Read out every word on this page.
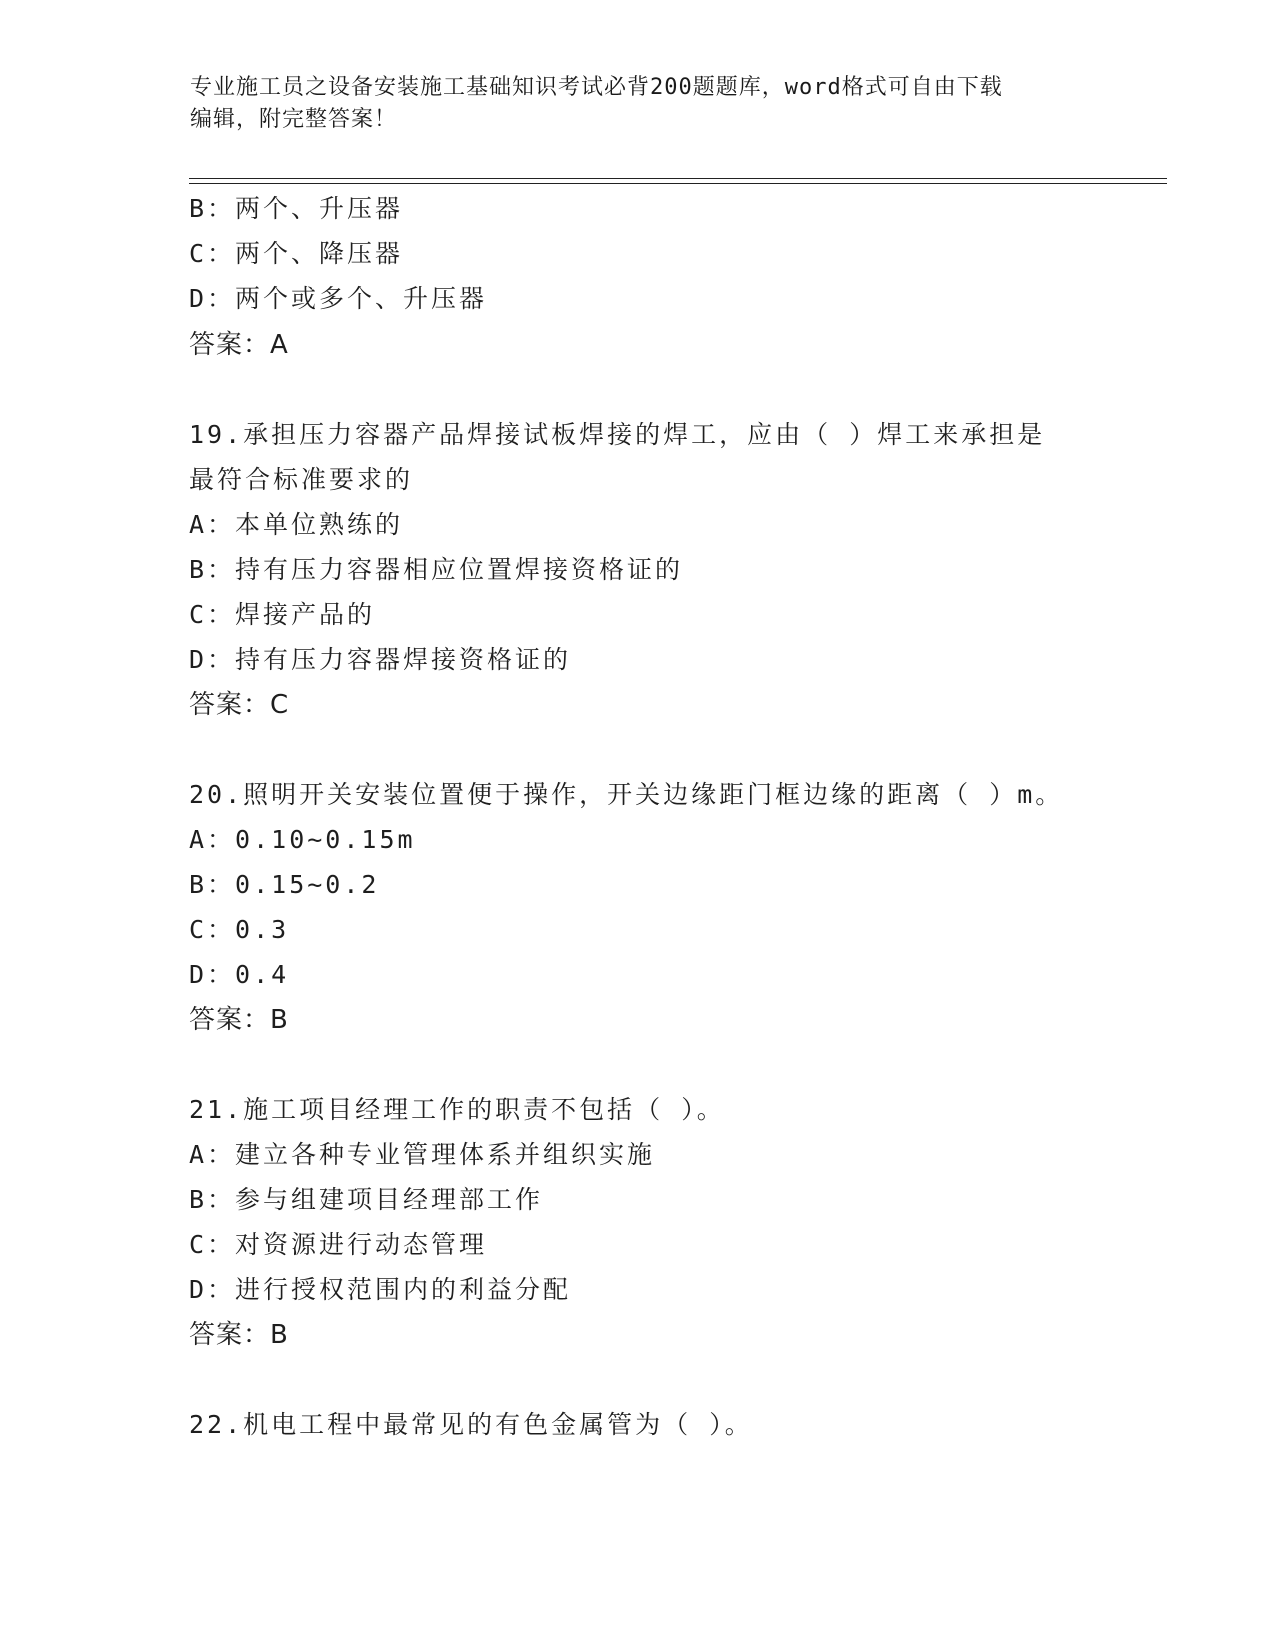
专业施工员之设备安装施工基础知识考试必背200题题库，word格式可自由下载
编辑，附完整答案！
B：两个、升压器
C：两个、降压器
D：两个或多个、升压器
答案：A
19.承担压力容器产品焊接试板焊接的焊工，应由（ ）焊工来承担是
最符合标准要求的
A：本单位熟练的
B：持有压力容器相应位置焊接资格证的
C：焊接产品的
D：持有压力容器焊接资格证的
答案：C
20.照明开关安装位置便于操作，开关边缘距门框边缘的距离（ ）m。
A：0.10~0.15m
B：0.15~0.2
C：0.3
D：0.4
答案：B
21.施工项目经理工作的职责不包括（ ）。
A：建立各种专业管理体系并组织实施
B：参与组建项目经理部工作
C：对资源进行动态管理
D：进行授权范围内的利益分配
答案：B
22.机电工程中最常见的有色金属管为（ ）。
